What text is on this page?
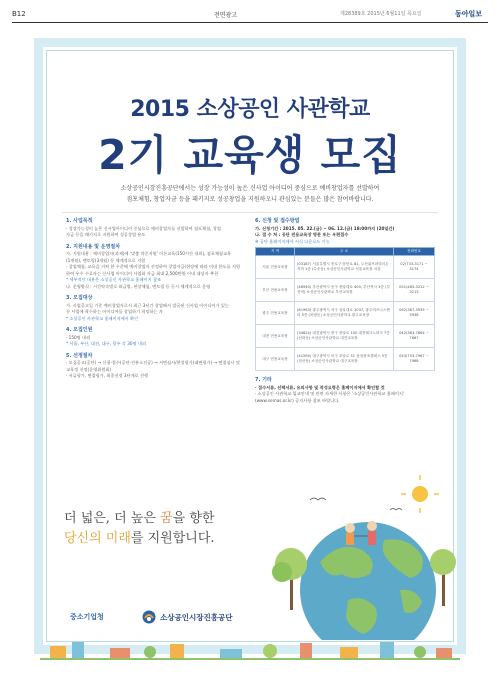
B12	전면광고	제28389호 2015년 6월11일 목요일	동아일보
2015 소상공인 사관학교
2기 교육생 모집
소상공인시장진흥공단에서는 성장 가능성이 높은 신사업 아이디어 중심으로 예비창업자를 선발하여
점포체험, 창업자금 등을 패키지로 성공창업을 지원하오니 관심있는 분들은 많은 참여바랍니다.
1. 사업목적
· 성장가능성이 높은 신사업아이디어 중심으로 예비창업자를 선발하여 점포체험, 창업
자금 등을 패키지로 지원하여 성공창업 유도
2. 지원내용 및 운영절차
가. 지원내용 : 예비창업자(과제)에 '맞춤 마중지원' 이론교육(150시간 내외), 점포체험교육
(1개월), 멘토링(3개월) 등 체계적으로 지원
· 창업체험, 교육을 거쳐 한 수준에 예비창업자 선정하여 창업자금(현장에 따라 이내 한도를 지원
하여 우수 수료자는 신사업 아이디어 사업화 자금 최대 2,500만원 이내 대상자 추천
* 세부적인 내용은 소상공인 사관학교 홈페이지 참조
나. 운영방식 : 시간약속별로 떠급별, 현장체험, 멘토링 등 동시 체계적으로 운영
3. 모집대상
가. 사업공고일 기준 예비창업자로서 최근 3년간 창업해서 발굴된 신사업 아이디어가 있는
등 사업에 착수하는 아이디어를 창업하기 희망하는 자
* 소상공인 사관학교 홈페이지에서 확인
4. 모집인원
· 150명 내외
* 서울, 부산, 대전, 대구, 광주 각 30명 내외
5. 선정절차
· 모집공고(공단) → 신청·접수(공단·진흥소진공) → 서면심사/현장평가(대면평가) → 면접심사 및
교육정 선정(운영위원회)
· 서류평가, 면접평가, 최종선정 3단계로 진행
6. 신청 및 접수방법
가. 신청기간 : 2015. 05. 22.(금) ~ 06. 12.(금) 18:00까지 (20일간)
나. 접 수 처 : 공단 전용교육장 방문 또는 우편접수
※ 공단 홈페이지에서 서식 다운로드 가능
지 역	주 소	전화번호
서울 전용교육장	(03187) 서울특별시 종로구 삼봉로 81, 두산위브파빌리온 · 지하 1층 (수송동) 소상공인사관학교 서울교육장 서울	02)733-3171 ~ 3174
부산 전용교육장	(48940) 부산광역시 동구 중앙대로 400, 부산역사 3층 (부산역) 소상공인사관학교 부산교육장	051)463-3212 ~ 3213
광주 전용교육장	(61963) 광주광역시 서구 상무대로 1037, 광주비즈니스센터 5층 (치평동) 소상공인사관학교 광주교육장	062)367-3935 ~ 3936
대전 전용교육장	(34824) 대전광역시 중구 중앙로 100 대전테크노파크 7층 (선화동) 소상공인사관학교 대전교육장	042)363-7664 ~ 7667
대구 전용교육장	(41594) 대구광역시 북구 호암로 51 삼성창조캠퍼스 5층 (침산동) 소상공인사관학교 대구교육장	053)753-7967 ~ 7968
7. 기타
· 접수서류, 선택서류, 유의사항 및 작성요령은 홈페이지에서 확인할 것
· 소상공인 사관학교 입교안내 및 관련 자세한 사항은 '소상공인사관학교 홈페이지'
(www.semas.or.kr) 공지사항 참조 바랍니다.
더 넓은, 더 높은 꿈을 향한
당신의 미래를 지원합니다.
중소기업청	소상공인시장진흥공단
